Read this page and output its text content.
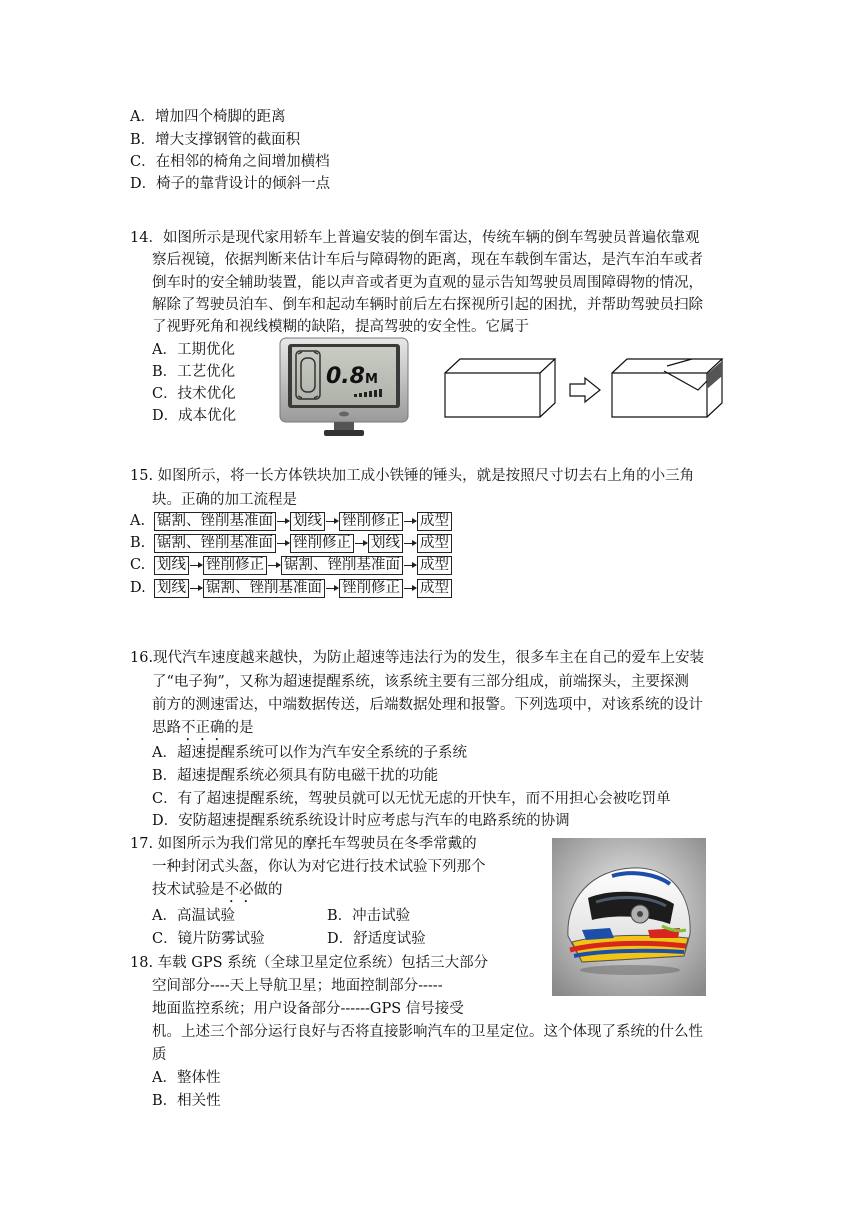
A．增加四个椅脚的距离
B．增大支撑钢管的截面积
C．在相邻的椅角之间增加横档
D．椅子的靠背设计的倾斜一点
14．如图所示是现代家用轿车上普遍安装的倒车雷达，传统车辆的倒车驾驶员普遍依靠观
察后视镜，依据判断来估计车后与障碍物的距离，现在车载倒车雷达，是汽车泊车或者
倒车时的安全辅助装置，能以声音或者更为直观的显示告知驾驶员周围障碍物的情况，
解除了驾驶员泊车、倒车和起动车辆时前后左右探视所引起的困扰，并帮助驾驶员扫除
了视野死角和视线模糊的缺陷，提高驾驶的安全性。它属于
A．工期优化
B．工艺优化
C．技术优化
D．成本优化
0.8 M
15. 如图所示，将一长方体铁块加工成小铁锤的锤头，就是按照尺寸切去右上角的小三角
块。正确的加工流程是
A. 锯割、锉削基准面 划线 锉削修正 成型
B. 锯割、锉削基准面 锉削修正 划线 成型
C. 划线 锉削修正 锯割、锉削基准面 成型
D. 划线 锯割、锉削基准面 锉削修正 成型
16.现代汽车速度越来越快，为防止超速等违法行为的发生，很多车主在自己的爱车上安装
了“电子狗”，又称为超速提醒系统，该系统主要有三部分组成，前端探头，主要探测
前方的测速雷达，中端数据传送，后端数据处理和报警。下列选项中，对该系统的设计
思路不正确的是
A．超速提醒系统可以作为汽车安全系统的子系统
B．超速提醒系统必须具有防电磁干扰的功能
C．有了超速提醒系统，驾驶员就可以无忧无虑的开快车，而不用担心会被吃罚单
D．安防超速提醒系统系统设计时应考虑与汽车的电路系统的协调
17. 如图所示为我们常见的摩托车驾驶员在冬季常戴的
一种封闭式头盔，你认为对它进行技术试验下列那个
技术试验是不必做的
A．高温试验	B．冲击试验
C．镜片防雾试验	D．舒适度试验
18. 车载 GPS 系统（全球卫星定位系统）包括三大部分
空间部分----天上导航卫星；地面控制部分-----
地面监控系统；用户设备部分------GPS 信号接受
机。上述三个部分运行良好与否将直接影响汽车的卫星定位。这个体现了系统的什么性
质
A．整体性
B．相关性
